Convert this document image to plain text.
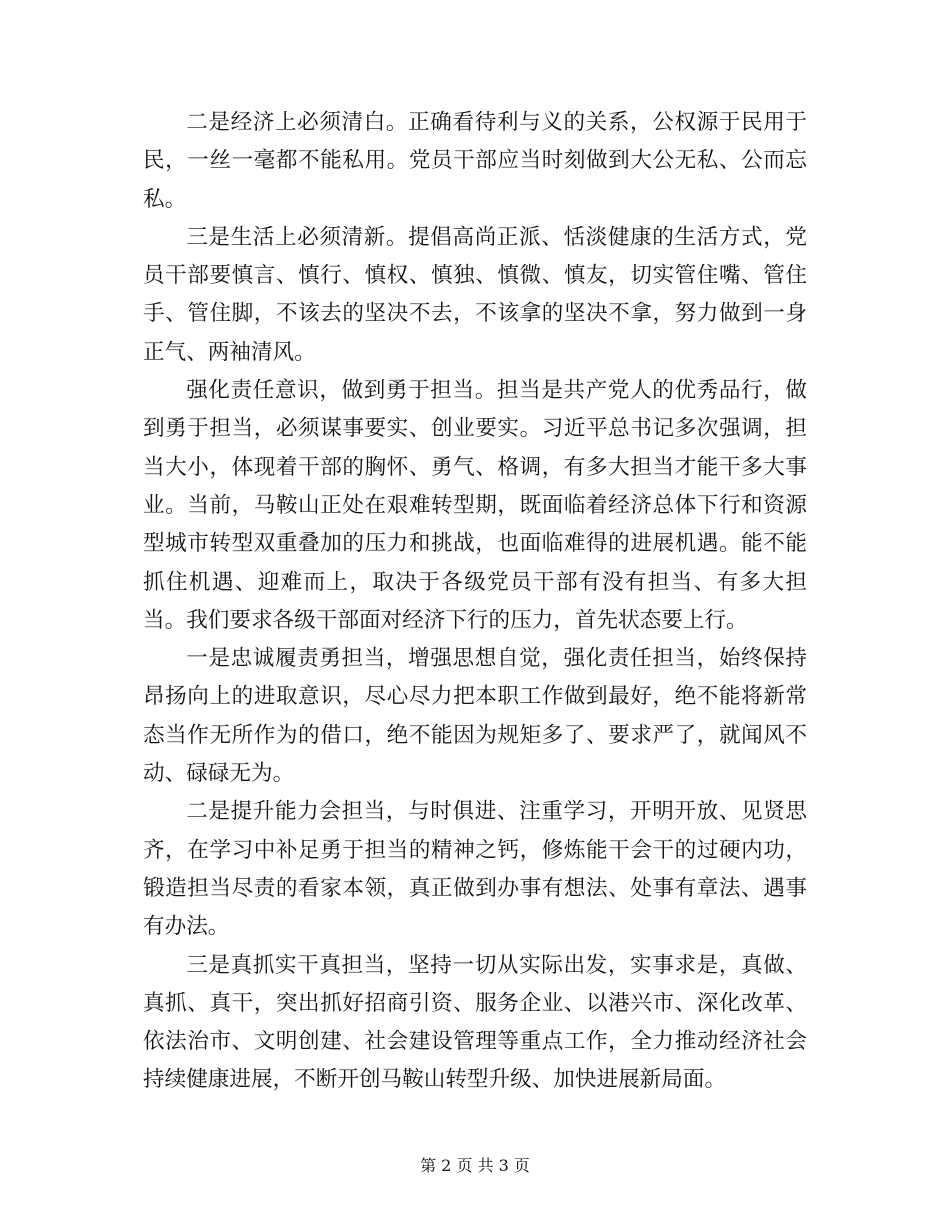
二是经济上必须清白。正确看待利与义的关系，公权源于民用于民，一丝一毫都不能私用。党员干部应当时刻做到大公无私、公而忘私。

三是生活上必须清新。提倡高尚正派、恬淡健康的生活方式，党员干部要慎言、慎行、慎权、慎独、慎微、慎友，切实管住嘴、管住手、管住脚，不该去的坚决不去，不该拿的坚决不拿，努力做到一身正气、两袖清风。

强化责任意识，做到勇于担当。担当是共产党人的优秀品行，做到勇于担当，必须谋事要实、创业要实。习近平总书记多次强调，担当大小，体现着干部的胸怀、勇气、格调，有多大担当才能干多大事业。当前，马鞍山正处在艰难转型期，既面临着经济总体下行和资源型城市转型双重叠加的压力和挑战，也面临难得的进展机遇。能不能抓住机遇、迎难而上，取决于各级党员干部有没有担当、有多大担当。我们要求各级干部面对经济下行的压力，首先状态要上行。

一是忠诚履责勇担当，增强思想自觉，强化责任担当，始终保持昂扬向上的进取意识，尽心尽力把本职工作做到最好，绝不能将新常态当作无所作为的借口，绝不能因为规矩多了、要求严了，就闻风不动、碌碌无为。

二是提升能力会担当，与时俱进、注重学习，开明开放、见贤思齐，在学习中补足勇于担当的精神之钙，修炼能干会干的过硬内功，锻造担当尽责的看家本领，真正做到办事有想法、处事有章法、遇事有办法。

三是真抓实干真担当，坚持一切从实际出发，实事求是，真做、真抓、真干，突出抓好招商引资、服务企业、以港兴市、深化改革、依法治市、文明创建、社会建设管理等重点工作，全力推动经济社会持续健康进展，不断开创马鞍山转型升级、加快进展新局面。

第 2 页 共 3 页
